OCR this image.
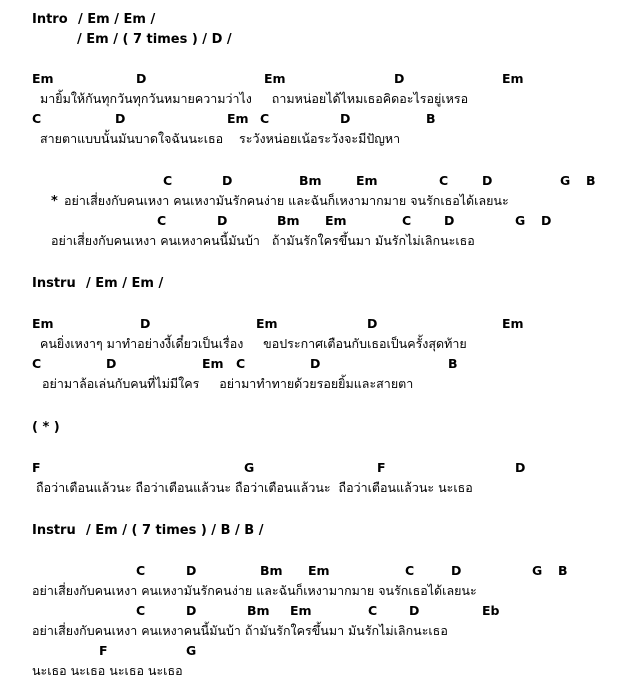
Intro / Em / Em /
/ Em / ( 7 times ) / D /
Em	D	Em	D	Em
มายิ้มให้กันทุกวันทุกวันหมายความว่าไง     ถามหน่อยได้ไหมเธอคิดอะไรอยู่เหรอ
C	D	Em C	D	B
สายตาแบบนั้นมันบาดใจฉันนะเธอ    ระวังหน่อยเน้อระวังจะมีปัญหา
C	D	Bm	Em	C	D	G B
* อย่าเสี่ยงกับคนเหงา คนเหงามันรักคนง่าย และฉันก็เหงามากมาย จนรักเธอได้เลยนะ
C	D	Bm Em	C	D	G D
อย่าเสี่ยงกับคนเหงา คนเหงาคนนี้มันบ้า   ถ้ามันรักใครขึ้นมา มันรักไม่เลิกนะเธอ
Instru / Em / Em /
Em	D	Em	D	Em
คนยิ่งเหงาๆ มาทำอย่างงี้เดี๋ยวเป็นเรื่อง     ขอประกาศเตือนกับเธอเป็นครั้งสุดท้าย
C	D	Em C	D	B
อย่ามาล้อเล่นกับคนที่ไม่มีใคร     อย่ามาทำทายด้วยรอยยิ้มและสายตา
( * )
F	G	F	D
ถือว่าเตือนแล้วนะ ถือว่าเตือนแล้วนะ ถือว่าเตือนแล้วนะ  ถือว่าเตือนแล้วนะ นะเธอ
Instru / Em / ( 7 times ) / B / B /
C	D	Bm Em	C	D	G B
อย่าเสี่ยงกับคนเหงา คนเหงามันรักคนง่าย และฉันก็เหงามากมาย จนรักเธอได้เลยนะ
C	D	Bm Em	C	D	Eb
อย่าเสี่ยงกับคนเหงา คนเหงาคนนี้มันบ้า ถ้ามันรักใครขึ้นมา มันรักไม่เลิกนะเธอ
F	G
นะเธอ นะเธอ นะเธอ นะเธอ
